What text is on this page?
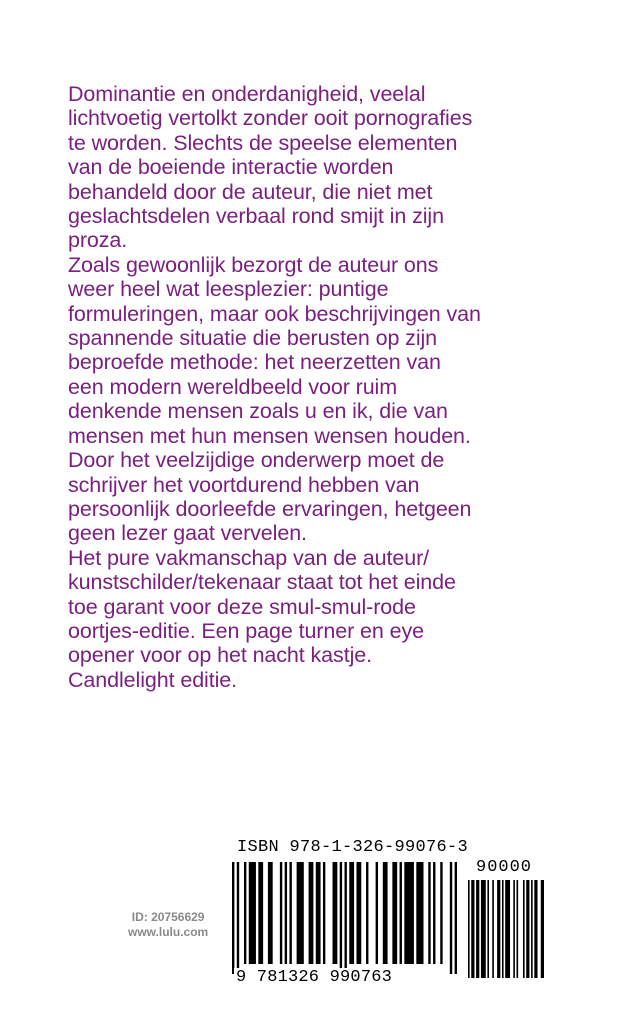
Dominantie en onderdanigheid, veelal
lichtvoetig vertolkt zonder ooit pornografies
te worden. Slechts de speelse elementen
van de boeiende interactie worden
behandeld door de auteur, die niet met
geslachtsdelen verbaal rond smijt in zijn
proza.
Zoals gewoonlijk bezorgt de auteur ons
weer heel wat leesplezier: puntige
formuleringen, maar ook beschrijvingen van
spannende situatie die berusten op zijn
beproefde methode: het neerzetten van
een modern wereldbeeld voor ruim
denkende mensen zoals u en ik, die van
mensen met hun mensen wensen houden.
Door het veelzijdige onderwerp moet de
schrijver het voortdurend hebben van
persoonlijk doorleefde ervaringen, hetgeen
geen lezer gaat vervelen.
Het pure vakmanschap van de auteur/
kunstschilder/tekenaar staat tot het einde
toe garant voor deze smul-smul-rode
oortjes-editie. Een page turner en eye
opener voor op het nacht kastje.
Candlelight editie.
ID: 20756629
www.lulu.com
ISBN 978-1-326-99076-3
9 781326 990763
90000
